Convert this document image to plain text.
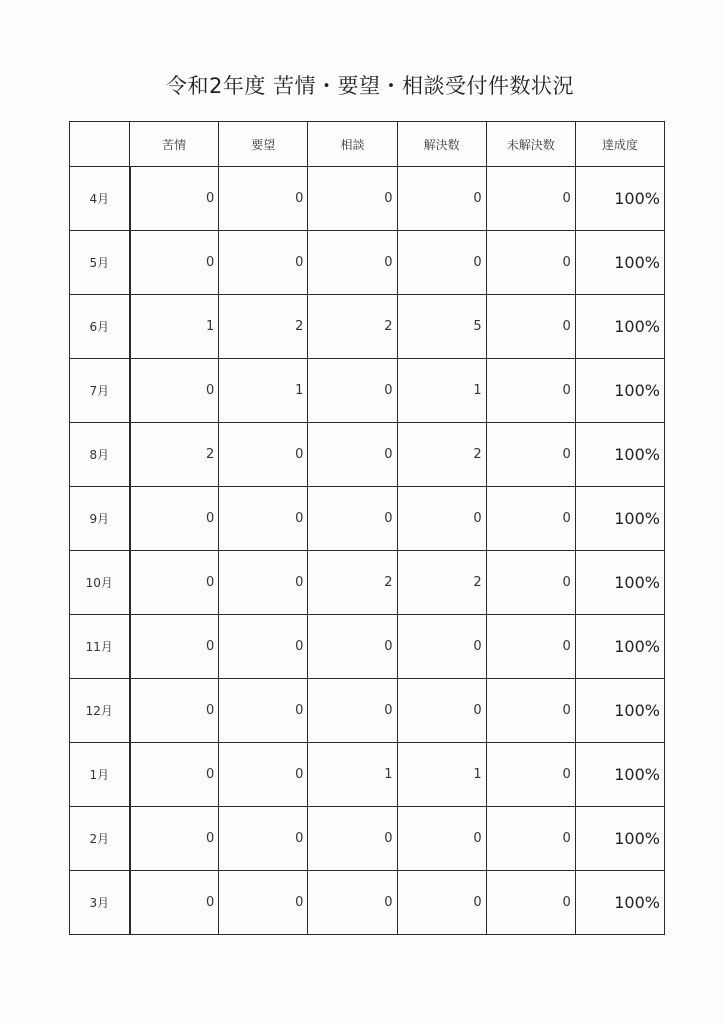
令和2年度 苦情・要望・相談受付件数状況
	苦情	要望	相談	解決数	未解決数	達成度
4月	0	0	0	0	0	100%
5月	0	0	0	0	0	100%
6月	1	2	2	5	0	100%
7月	0	1	0	1	0	100%
8月	2	0	0	2	0	100%
9月	0	0	0	0	0	100%
10月	0	0	2	2	0	100%
11月	0	0	0	0	0	100%
12月	0	0	0	0	0	100%
1月	0	0	1	1	0	100%
2月	0	0	0	0	0	100%
3月	0	0	0	0	0	100%
